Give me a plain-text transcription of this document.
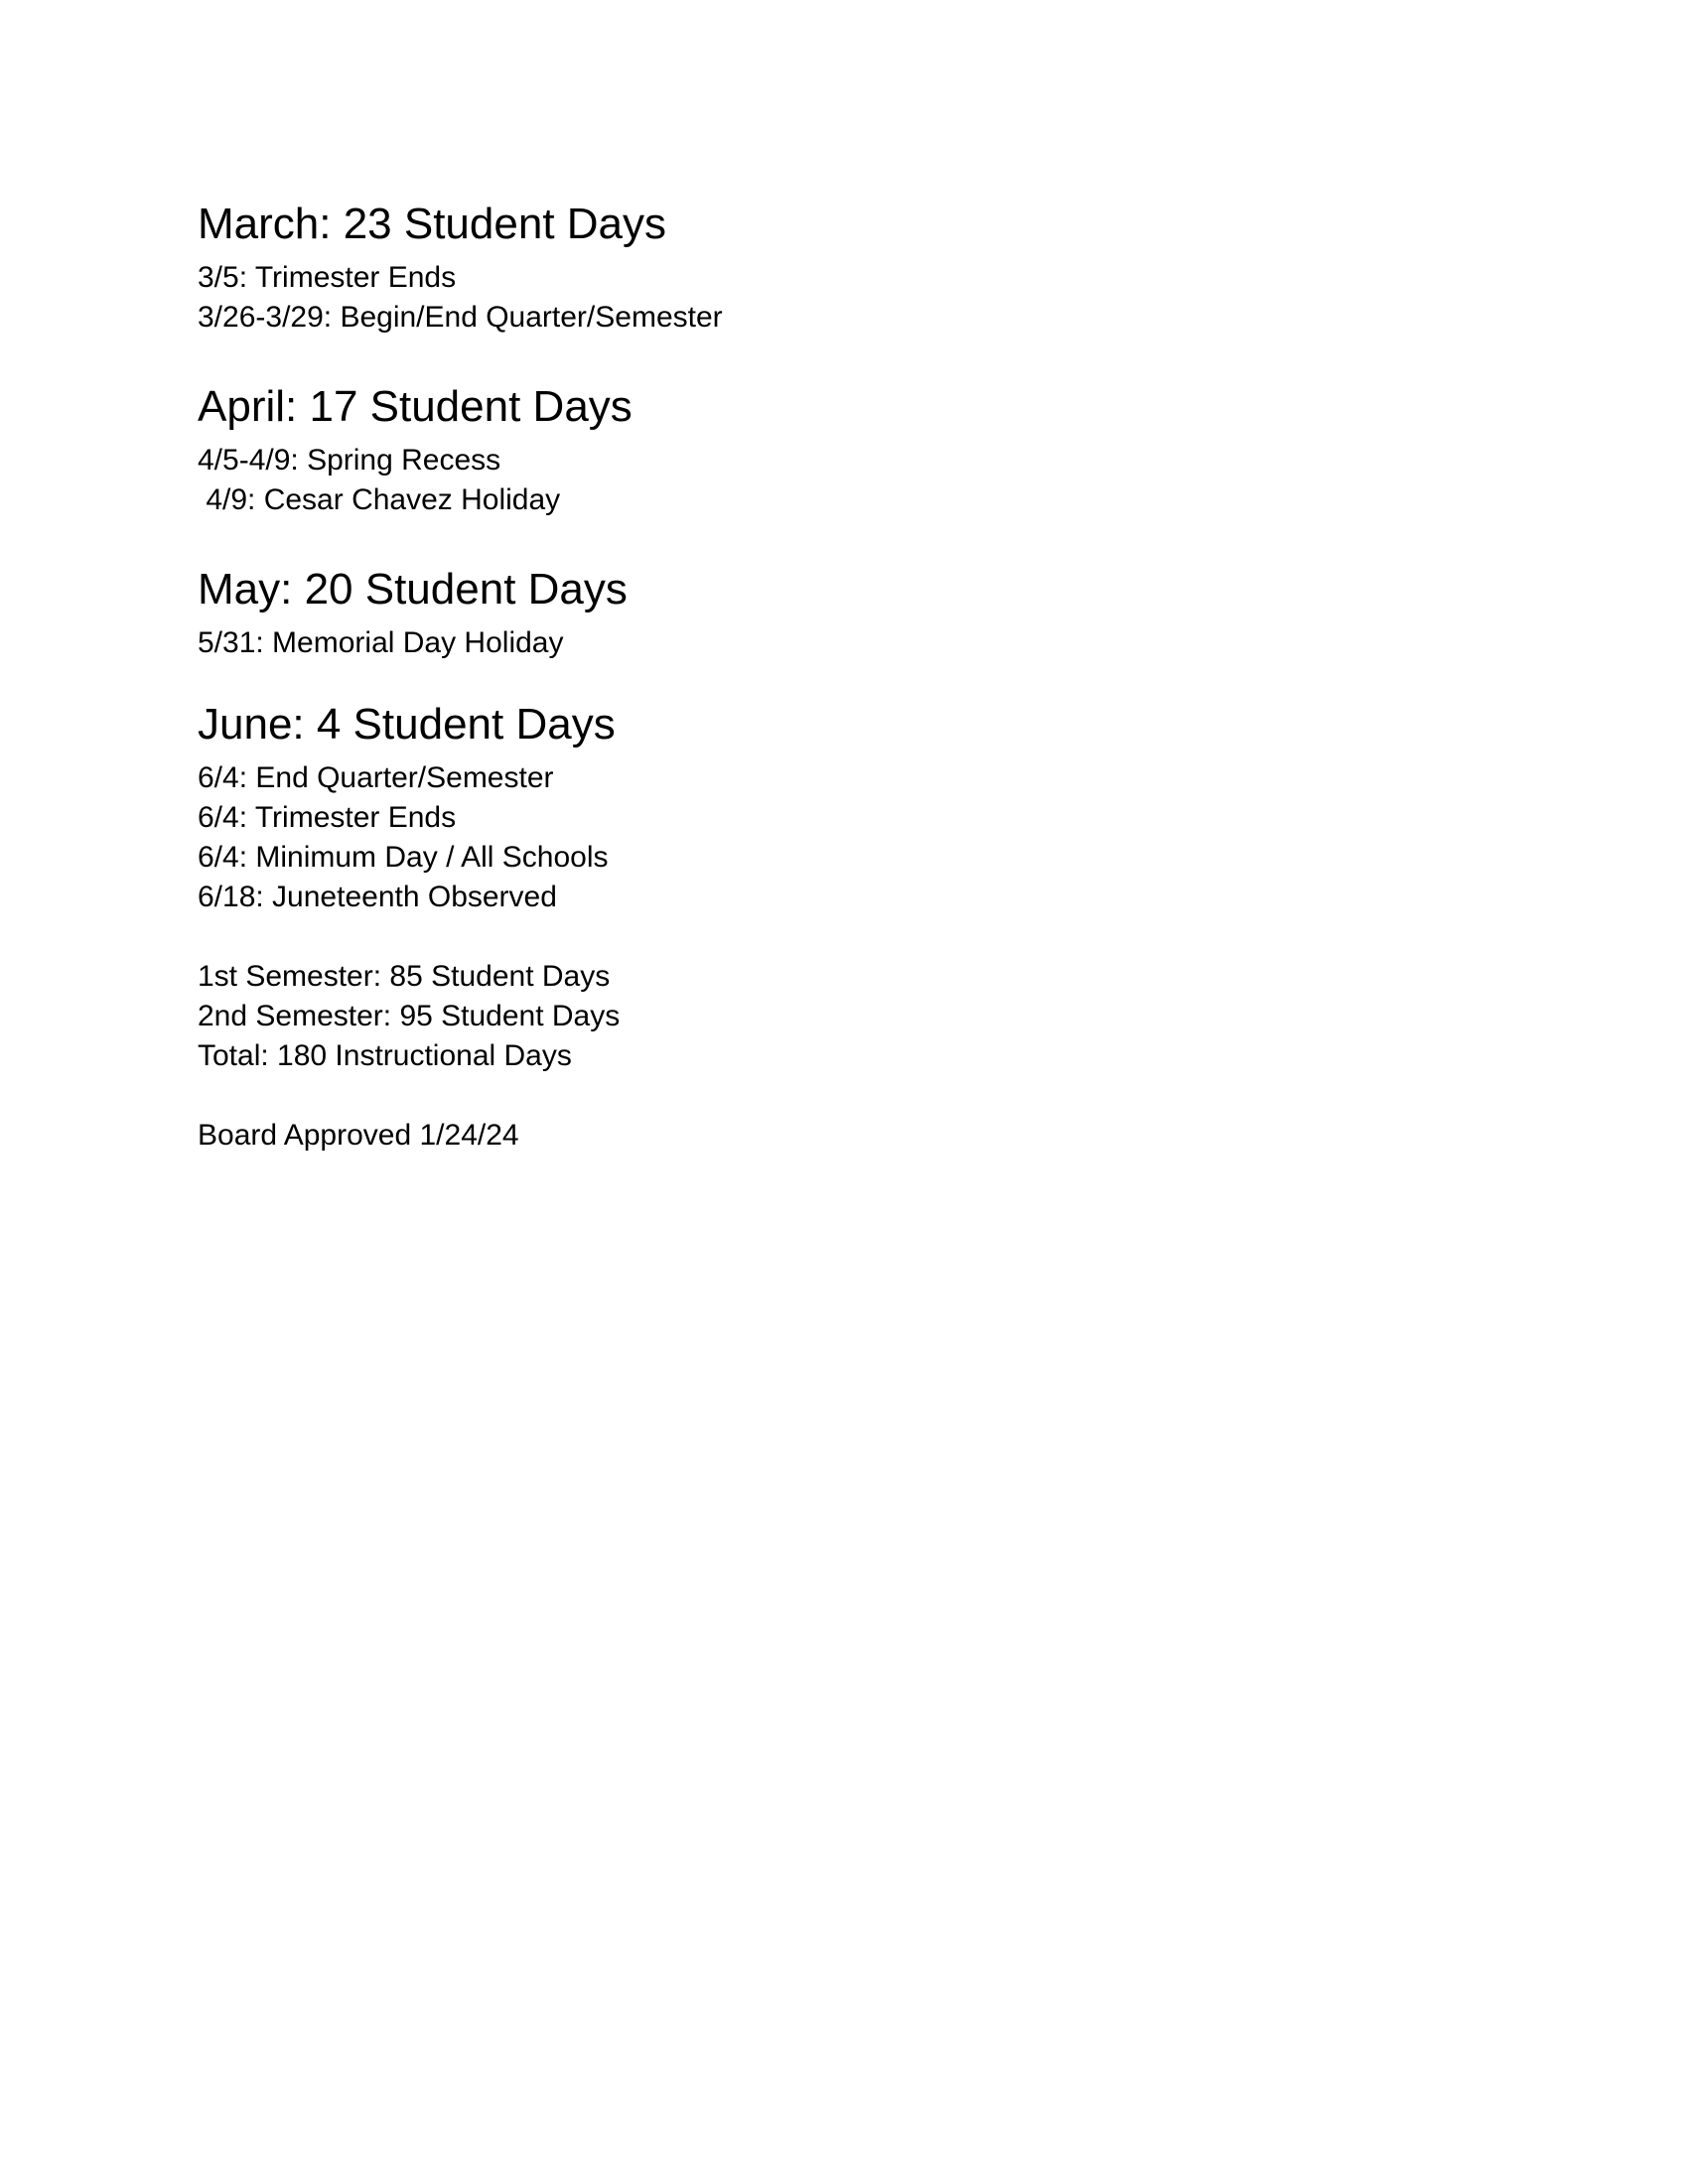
March: 23 Student Days
3/5: Trimester Ends
3/26-3/29: Begin/End Quarter/Semester
April: 17 Student Days
4/5-4/9: Spring Recess
4/9: Cesar Chavez Holiday
May: 20 Student Days
5/31: Memorial Day Holiday
June: 4 Student Days
6/4: End Quarter/Semester
6/4: Trimester Ends
6/4: Minimum Day / All Schools
6/18: Juneteenth Observed
1st Semester: 85 Student Days
2nd Semester: 95 Student Days
Total: 180 Instructional Days
Board Approved 1/24/24
